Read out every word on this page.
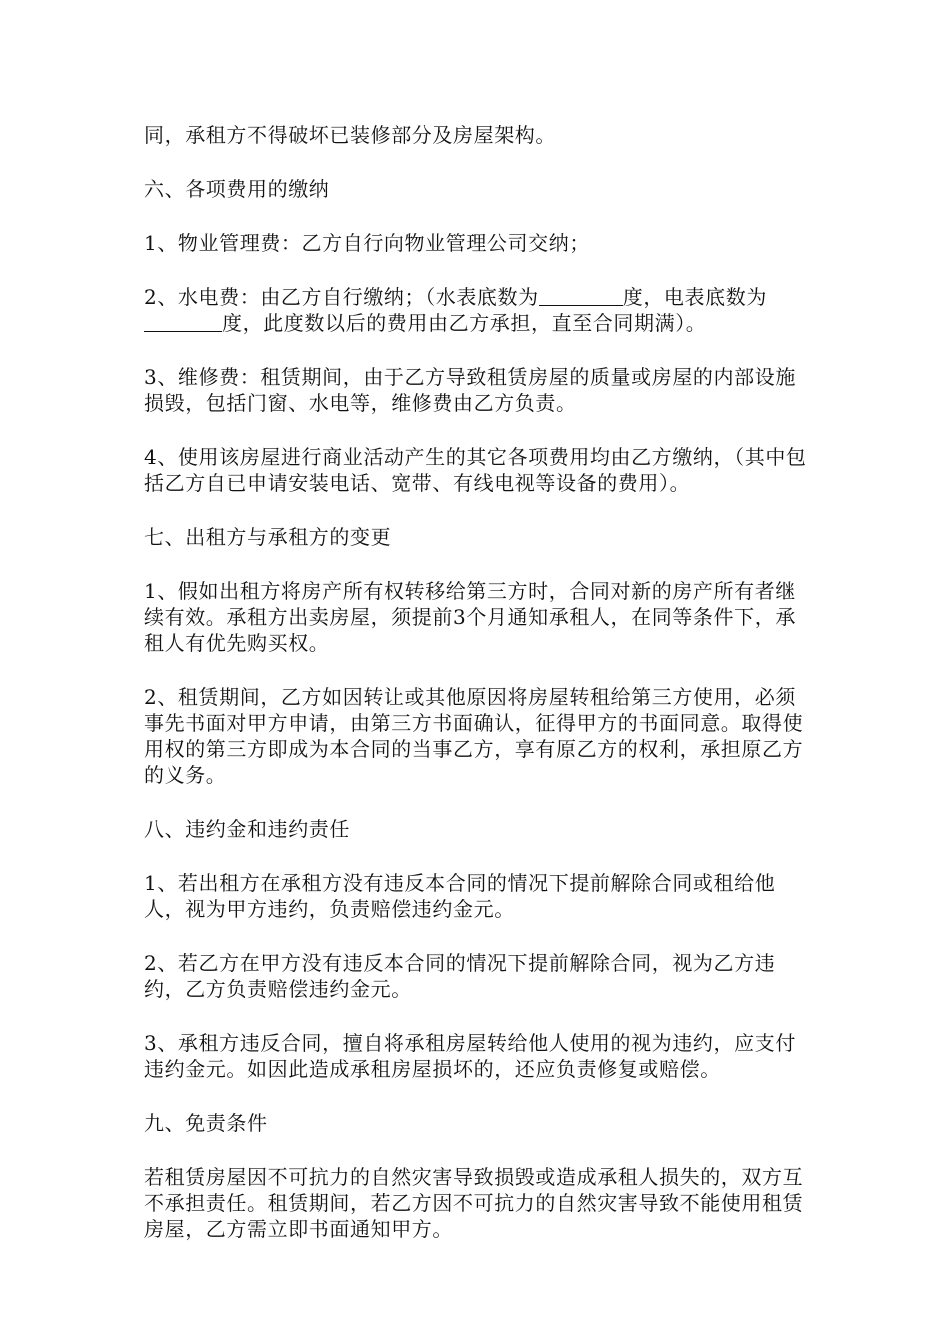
同，承租方不得破坏已装修部分及房屋架构。

六、各项费用的缴纳

1、物业管理费：乙方自行向物业管理公司交纳；

2、水电费：由乙方自行缴纳；（水表底数为	度，电表底数为度，此度数以后的费用由乙方承担，直至合同期满）。

3、维修费：租赁期间，由于乙方导致租赁房屋的质量或房屋的内部设施损毁，包括门窗、水电等，维修费由乙方负责。

4、使用该房屋进行商业活动产生的其它各项费用均由乙方缴纳，（其中包括乙方自已申请安装电话、宽带、有线电视等设备的费用）。

七、出租方与承租方的变更

1、假如出租方将房产所有权转移给第三方时，合同对新的房产所有者继续有效。承租方出卖房屋，须提前3个月通知承租人，在同等条件下，承租人有优先购买权。

2、租赁期间，乙方如因转让或其他原因将房屋转租给第三方使用，必须事先书面对甲方申请，由第三方书面确认，征得甲方的书面同意。取得使用权的第三方即成为本合同的当事乙方，享有原乙方的权利，承担原乙方的义务。

八、违约金和违约责任

1、若出租方在承租方没有违反本合同的情况下提前解除合同或租给他人，视为甲方违约，负责赔偿违约金元。

2、若乙方在甲方没有违反本合同的情况下提前解除合同，视为乙方违约，乙方负责赔偿违约金元。

3、承租方违反合同，擅自将承租房屋转给他人使用的视为违约，应支付违约金元。如因此造成承租房屋损坏的，还应负责修复或赔偿。

九、免责条件

若租赁房屋因不可抗力的自然灾害导致损毁或造成承租人损失的，双方互不承担责任。租赁期间，若乙方因不可抗力的自然灾害导致不能使用租赁房屋，乙方需立即书面通知甲方。
